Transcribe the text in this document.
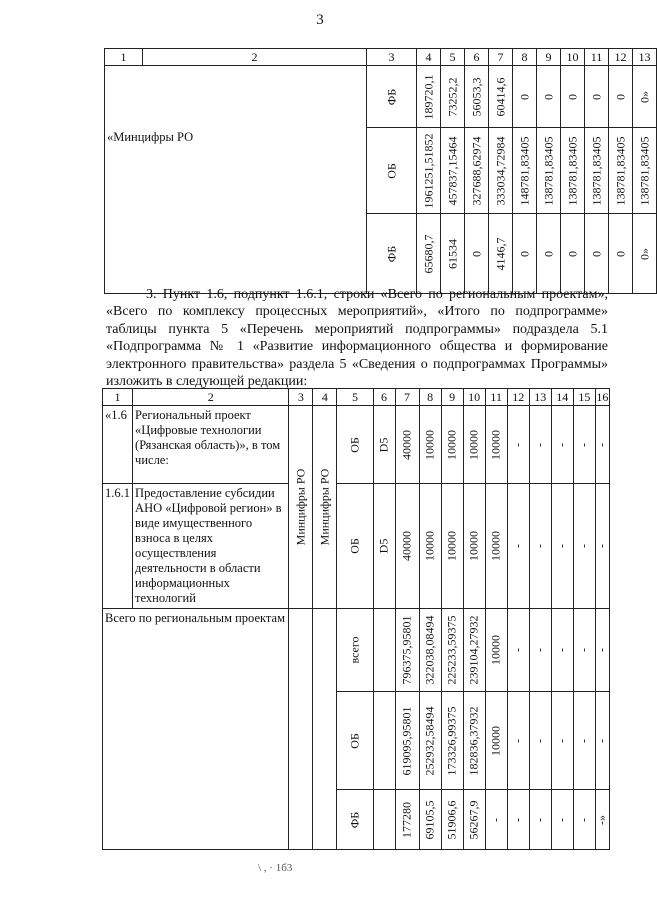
3
1	2	3	4	5	6	7	8	9	10	11	12	13

		ФБ	189720,1	73252,2	56053,3	60414,6	0	0	0	0	0	0»

«Минцифры РО		ОБ	1961251,51852	457837,15464	327688,62974	333034,72984	148781,83405	138781,83405	138781,83405	138781,83405	138781,83405	138781,83405

		ФБ	65680,7	61534	0	4146,7	0	0	0	0	0	0»

3. Пункт 1.6, подпункт 1.6.1, строки «Всего по региональным проектам», «Всего по комплексу процессных мероприятий», «Итого по подпрограмме» таблицы пункта 5 «Перечень мероприятий подпрограммы» подраздела 5.1 «Подпрограмма № 1 «Развитие информационного общества и формирование электронного правительства» раздела 5 «Сведения о подпрограммах Программы» изложить в следующей редакции:

1	2	3	4	5	6	7	8	9	10	11	12	13	14	15	16
«1.6	Региональный проект «Цифровые технологии (Рязанская область)», в том числе:	Минцифры РО	Минцифры РО	ОБ	D5	40000	10000	10000	10000	10000	-	-	-	-	-

1.6.1	Предоставление субсидии АНО «Цифровой регион» в виде имущественного взноса в целях осуществления деятельности в области информационных технологий			ОБ	D5	40000	10000	10000	10000	10000	-	-	-	-	-

Всего по региональным проектам				всего		796375,95801	322038,08494	225233,59375	239104,27932	10000	-	-	-	-	-

				ОБ		619095,95801	252932,58494	173326,99375	182836,37932	10000	-	-	-	-	-

				ФБ		177280	69105,5	51906,6	56267,9	-	-	-	-	-	-»
\ , · 1б3
